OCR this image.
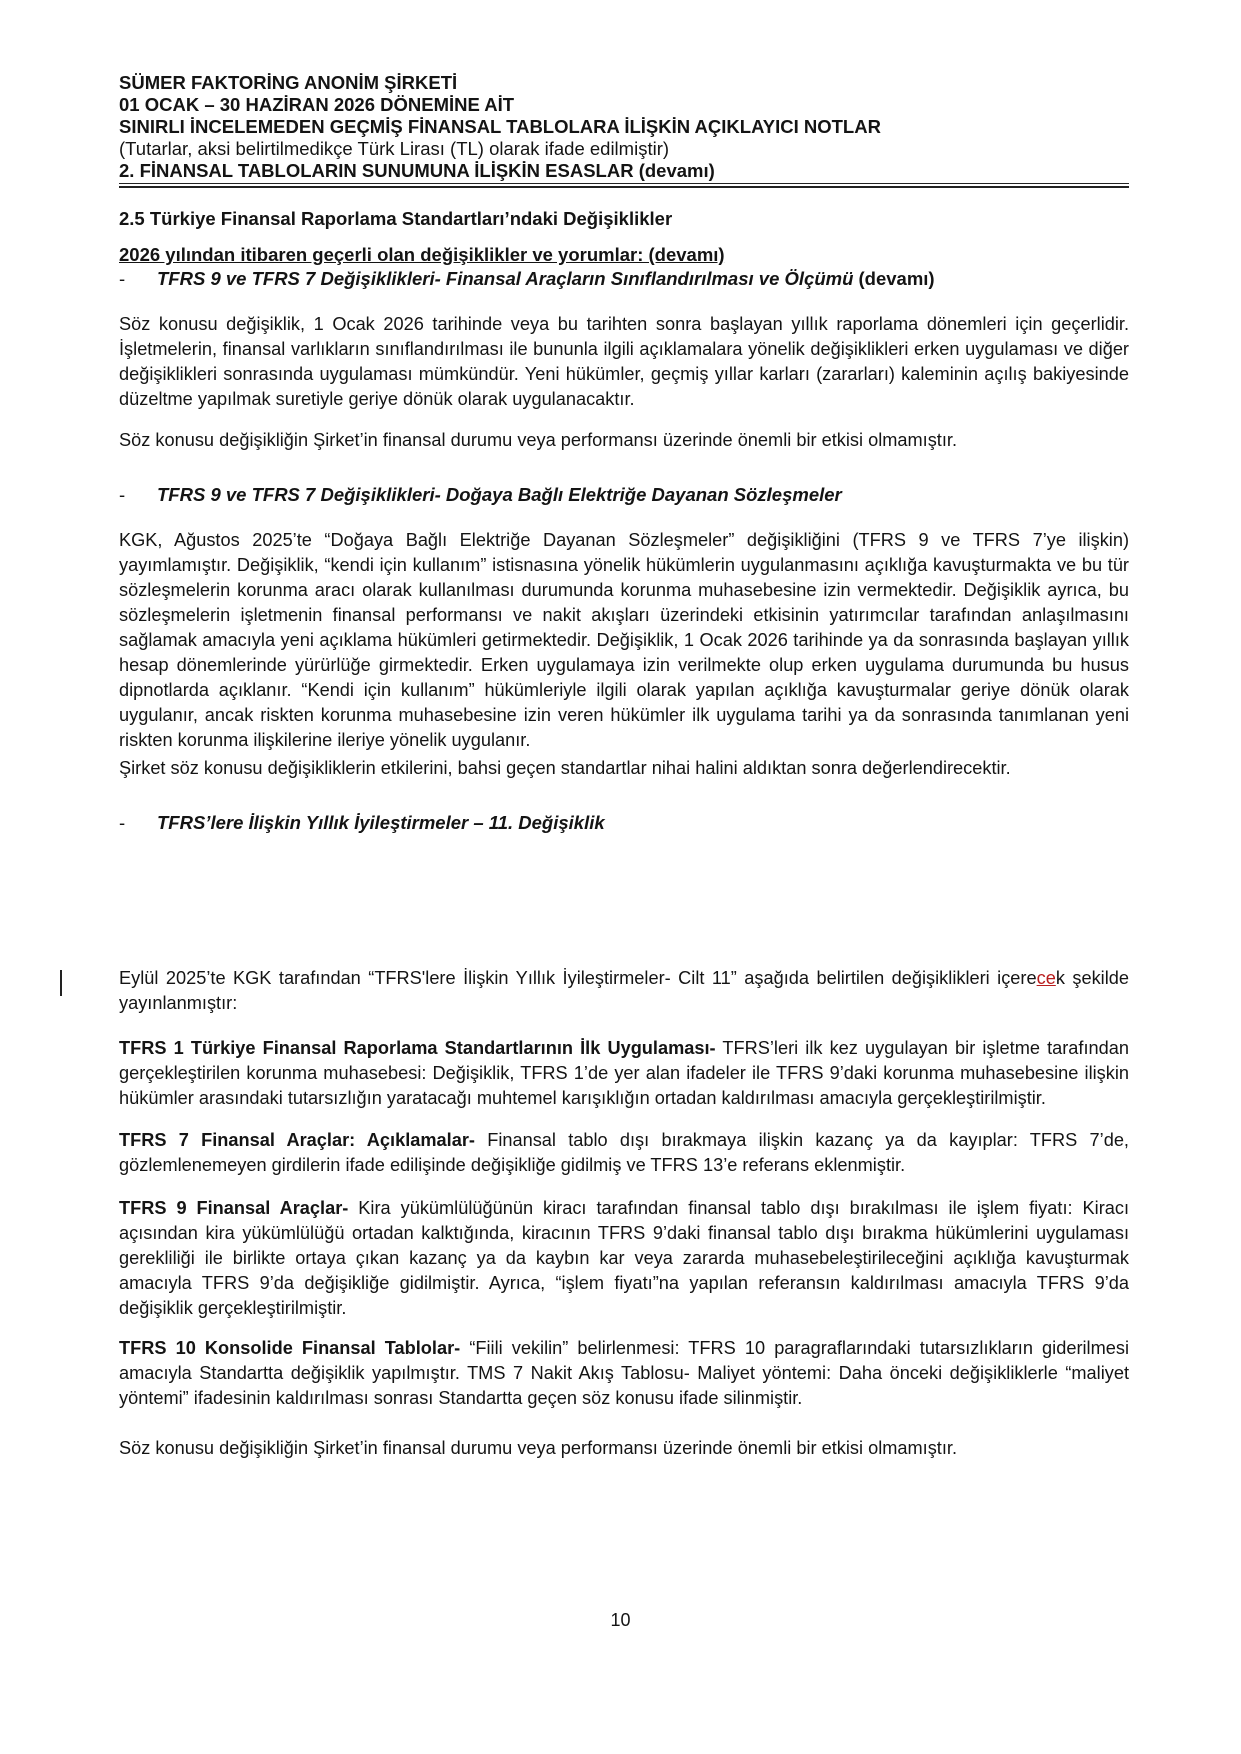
SÜMER FAKTORİNG ANONİM ŞİRKETİ
01 OCAK – 30 HAZİRAN 2026 DÖNEMİNE AİT
SINIRLI İNCELEMEDEN GEÇMİŞ FİNANSAL TABLOLARA İLİŞKİN AÇIKLAYICI NOTLAR
(Tutarlar, aksi belirtilmedikçe Türk Lirası (TL) olarak ifade edilmiştir)
2. FİNANSAL TABLOLARIN SUNUMUNA İLİŞKİN ESASLAR (devamı)
2.5 Türkiye Finansal Raporlama Standartları’ndaki Değişiklikler
2026 yılından itibaren geçerli olan değişiklikler ve yorumlar: (devamı)
- TFRS 9 ve TFRS 7 Değişiklikleri- Finansal Araçların Sınıflandırılması ve Ölçümü (devamı)

Söz konusu değişiklik, 1 Ocak 2026 tarihinde veya bu tarihten sonra başlayan yıllık raporlama dönemleri için geçerlidir. İşletmelerin, finansal varlıkların sınıflandırılması ile bununla ilgili açıklamalara yönelik değişiklikleri erken uygulaması ve diğer değişiklikleri sonrasında uygulaması mümkündür. Yeni hükümler, geçmiş yıllar karları (zararları) kaleminin açılış bakiyesinde düzeltme yapılmak suretiyle geriye dönük olarak uygulanacaktır.

Söz konusu değişikliğin Şirket’in finansal durumu veya performansı üzerinde önemli bir etkisi olmamıştır.

- TFRS 9 ve TFRS 7 Değişiklikleri- Doğaya Bağlı Elektriğe Dayanan Sözleşmeler

KGK, Ağustos 2025’te “Doğaya Bağlı Elektriğe Dayanan Sözleşmeler” değişikliğini (TFRS 9 ve TFRS 7’ye ilişkin) yayımlamıştır. Değişiklik, “kendi için kullanım” istisnasına yönelik hükümlerin uygulanmasını açıklığa kavuşturmakta ve bu tür sözleşmelerin korunma aracı olarak kullanılması durumunda korunma muhasebesine izin vermektedir. Değişiklik ayrıca, bu sözleşmelerin işletmenin finansal performansı ve nakit akışları üzerindeki etkisinin yatırımcılar tarafından anlaşılmasını sağlamak amacıyla yeni açıklama hükümleri getirmektedir. Değişiklik, 1 Ocak 2026 tarihinde ya da sonrasında başlayan yıllık hesap dönemlerinde yürürlüğe girmektedir. Erken uygulamaya izin verilmekte olup erken uygulama durumunda bu husus dipnotlarda açıklanır. “Kendi için kullanım” hükümleriyle ilgili olarak yapılan açıklığa kavuşturmalar geriye dönük olarak uygulanır, ancak riskten korunma muhasebesine izin veren hükümler ilk uygulama tarihi ya da sonrasında tanımlanan yeni riskten korunma ilişkilerine ileriye yönelik uygulanır.

Şirket söz konusu değişikliklerin etkilerini, bahsi geçen standartlar nihai halini aldıktan sonra değerlendirecektir.

- TFRS’lere İlişkin Yıllık İyileştirmeler – 11. Değişiklik

Eylül 2025’te KGK tarafından “TFRS'lere İlişkin Yıllık İyileştirmeler- Cilt 11” aşağıda belirtilen değişiklikleri içerecek şekilde yayınlanmıştır:

TFRS 1 Türkiye Finansal Raporlama Standartlarının İlk Uygulaması- TFRS’leri ilk kez uygulayan bir işletme tarafından gerçekleştirilen korunma muhasebesi: Değişiklik, TFRS 1’de yer alan ifadeler ile TFRS 9’daki korunma muhasebesine ilişkin hükümler arasındaki tutarsızlığın yaratacağı muhtemel karışıklığın ortadan kaldırılması amacıyla gerçekleştirilmiştir.

TFRS 7 Finansal Araçlar: Açıklamalar- Finansal tablo dışı bırakmaya ilişkin kazanç ya da kayıplar: TFRS 7’de, gözlemlenemeyen girdilerin ifade edilişinde değişikliğe gidilmiş ve TFRS 13’e referans eklenmiştir.

TFRS 9 Finansal Araçlar- Kira yükümlülüğünün kiracı tarafından finansal tablo dışı bırakılması ile işlem fiyatı: Kiracı açısından kira yükümlülüğü ortadan kalktığında, kiracının TFRS 9’daki finansal tablo dışı bırakma hükümlerini uygulaması gerekliliği ile birlikte ortaya çıkan kazanç ya da kaybın kar veya zararda muhasebeleştirileceğini açıklığa kavuşturmak amacıyla TFRS 9’da değişikliğe gidilmiştir. Ayrıca, “işlem fiyatı”na yapılan referansın kaldırılması amacıyla TFRS 9’da değişiklik gerçekleştirilmiştir.

TFRS 10 Konsolide Finansal Tablolar- “Fiili vekilin” belirlenmesi: TFRS 10 paragraflarındaki tutarsızlıkların giderilmesi amacıyla Standartta değişiklik yapılmıştır. TMS 7 Nakit Akış Tablosu- Maliyet yöntemi: Daha önceki değişikliklerle “maliyet yöntemi” ifadesinin kaldırılması sonrası Standartta geçen söz konusu ifade silinmiştir.

Söz konusu değişikliğin Şirket’in finansal durumu veya performansı üzerinde önemli bir etkisi olmamıştır.

10
